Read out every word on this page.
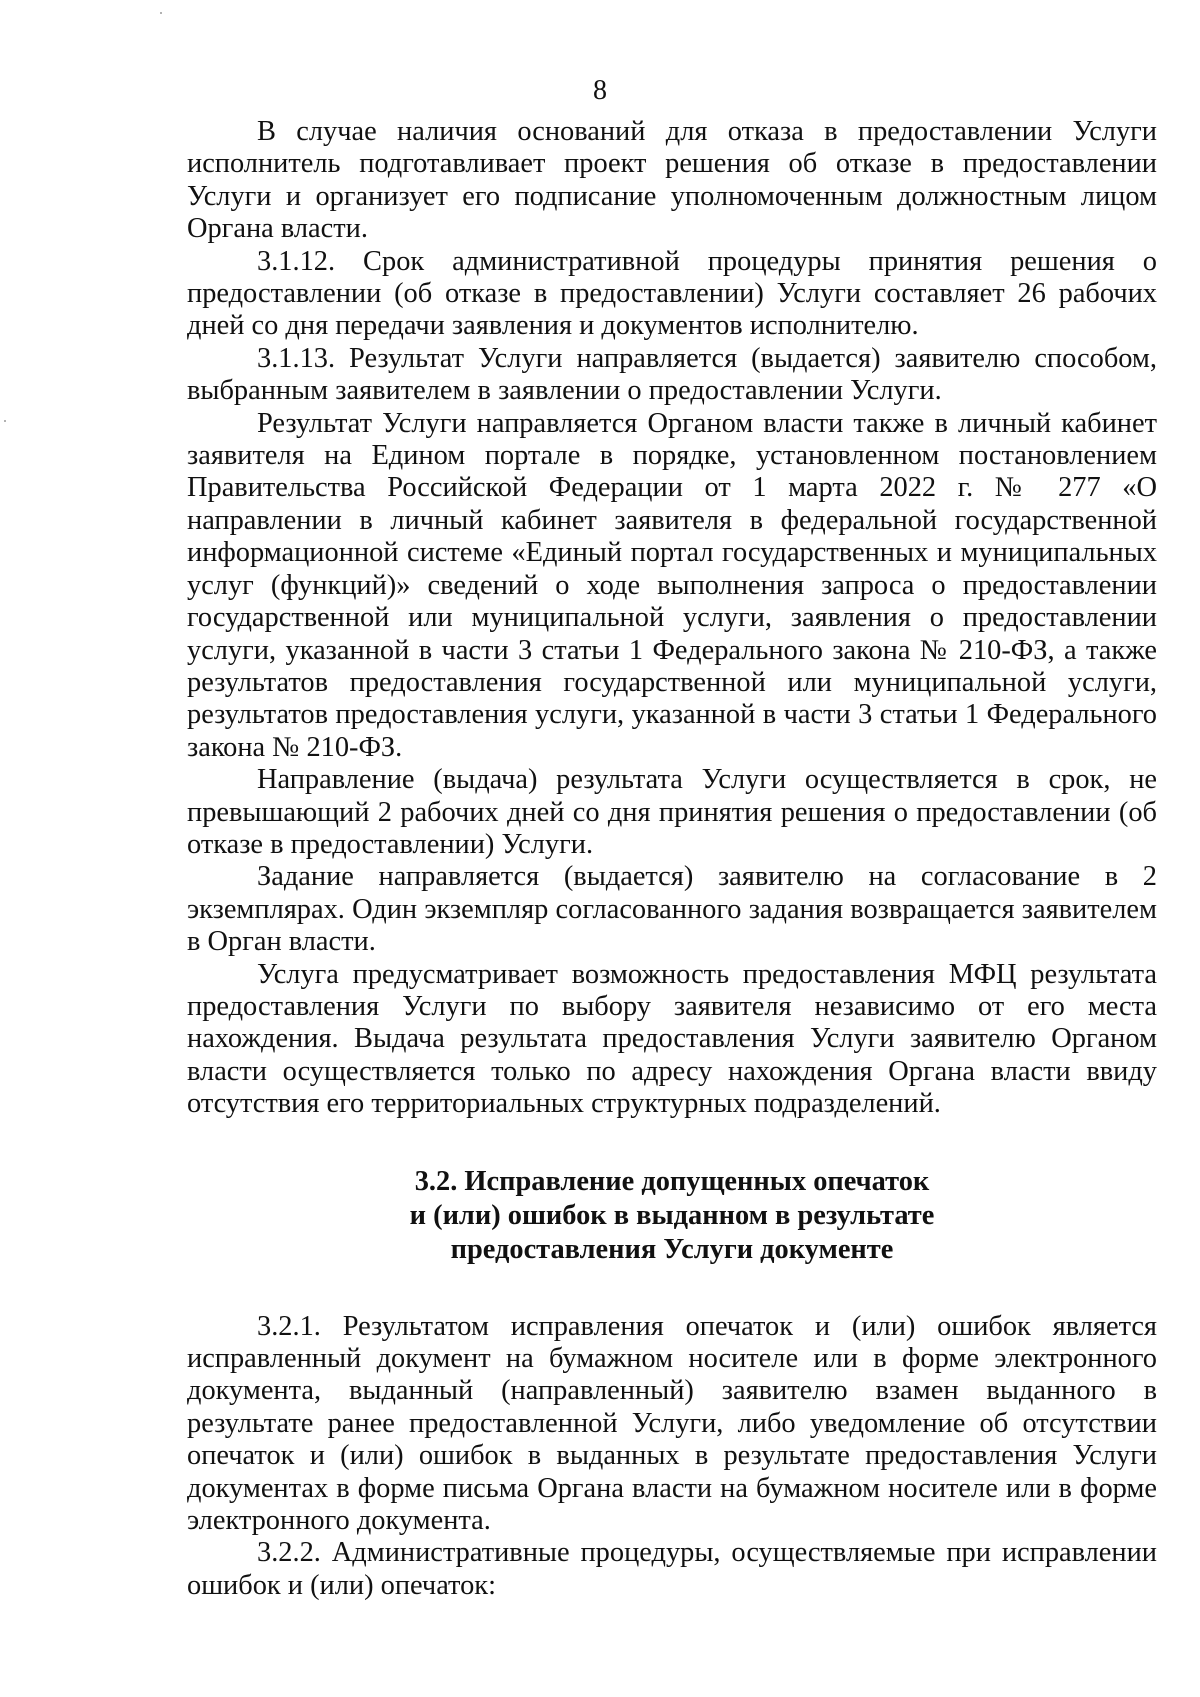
8

В случае наличия оснований для отказа в предоставлении Услуги исполнитель подготавливает проект решения об отказе в предоставлении Услуги и организует его подписание уполномоченным должностным лицом Органа власти.

3.1.12. Срок административной процедуры принятия решения о предоставлении (об отказе в предоставлении) Услуги составляет 26 рабочих дней со дня передачи заявления и документов исполнителю.

3.1.13. Результат Услуги направляется (выдается) заявителю способом, выбранным заявителем в заявлении о предоставлении Услуги.

Результат Услуги направляется Органом власти также в личный кабинет заявителя на Едином портале в порядке, установленном постановлением Правительства Российской Федерации от 1 марта 2022 г. № 277 «О направлении в личный кабинет заявителя в федеральной государственной информационной системе «Единый портал государственных и муниципальных услуг (функций)» сведений о ходе выполнения запроса о предоставлении государственной или муниципальной услуги, заявления о предоставлении услуги, указанной в части 3 статьи 1 Федерального закона № 210-ФЗ, а также результатов предоставления государственной или муниципальной услуги, результатов предоставления услуги, указанной в части 3 статьи 1 Федерального закона № 210-ФЗ.

Направление (выдача) результата Услуги осуществляется в срок, не превышающий 2 рабочих дней со дня принятия решения о предоставлении (об отказе в предоставлении) Услуги.

Задание направляется (выдается) заявителю на согласование в 2 экземплярах. Один экземпляр согласованного задания возвращается заявителем в Орган власти.

Услуга предусматривает возможность предоставления МФЦ результата предоставления Услуги по выбору заявителя независимо от его места нахождения. Выдача результата предоставления Услуги заявителю Органом власти осуществляется только по адресу нахождения Органа власти ввиду отсутствия его территориальных структурных подразделений.

3.2. Исправление допущенных опечаток
и (или) ошибок в выданном в результате
предоставления Услуги документе

3.2.1. Результатом исправления опечаток и (или) ошибок является исправленный документ на бумажном носителе или в форме электронного документа, выданный (направленный) заявителю взамен выданного в результате ранее предоставленной Услуги, либо уведомление об отсутствии опечаток и (или) ошибок в выданных в результате предоставления Услуги документах в форме письма Органа власти на бумажном носителе или в форме электронного документа.

3.2.2. Административные процедуры, осуществляемые при исправлении ошибок и (или) опечаток:
